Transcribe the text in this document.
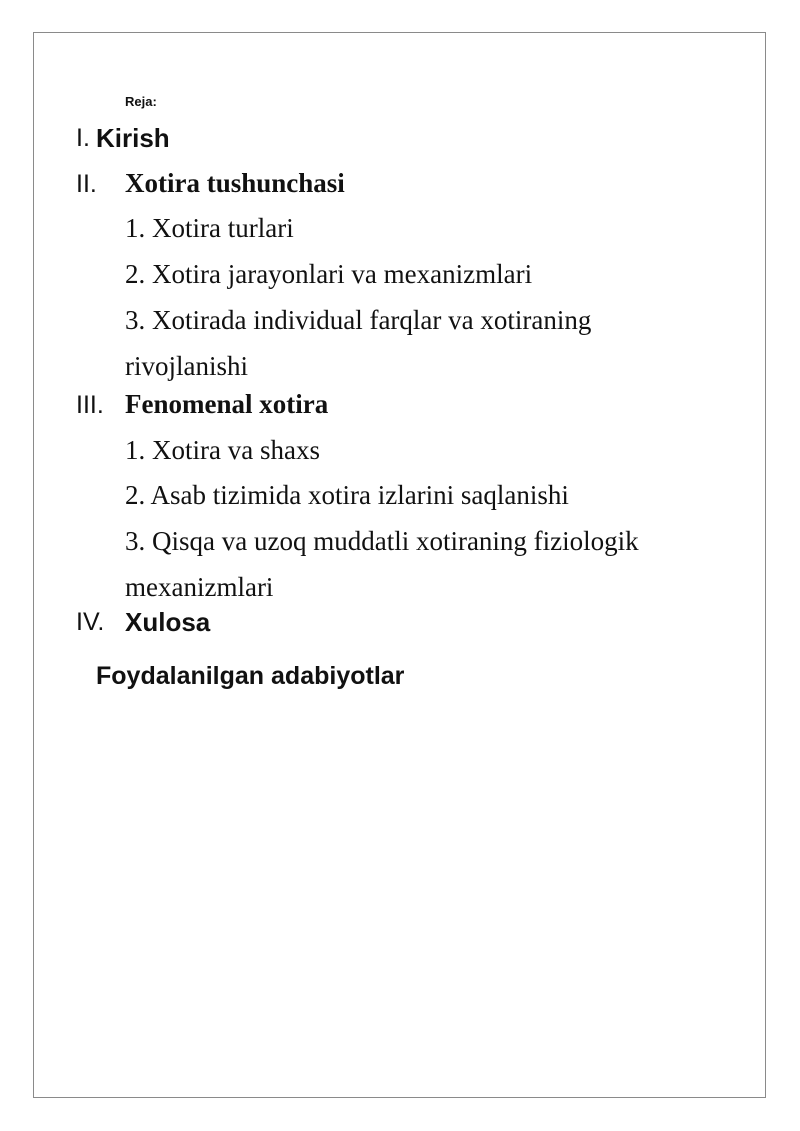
Reja:
I. Kirish
II. Xotira tushunchasi
1. Xotira turlari
2. Xotira jarayonlari va mexanizmlari
3. Xotirada individual farqlar va xotiraning
rivojlanishi
III. Fenomenal xotira
1. Xotira va shaxs
2. Asab tizimida xotira izlarini saqlanishi
3. Qisqa va uzoq muddatli xotiraning fiziologik
mexanizmlari
IV. Xulosa
Foydalanilgan adabiyotlar
